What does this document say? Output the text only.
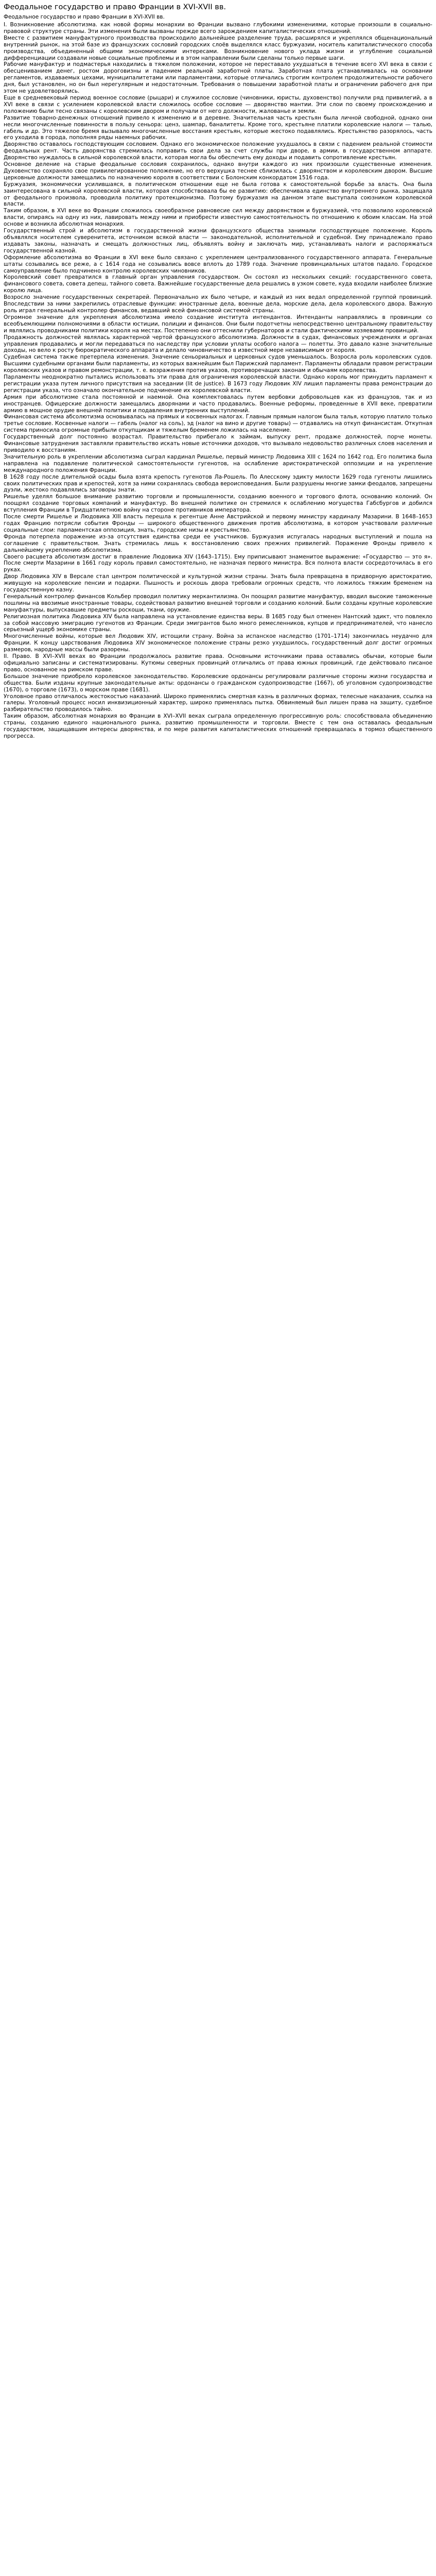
Феодальное государство и право Франции в XVI-XVII вв.
Феодальное государство и право Франции в XVI-XVII вв.

I. Возникновение абсолютизма. как новой формы монархии во Франции вызвано глубокими изменениями, которые произошли в социально-правовой структуре страны. Эти изменения были вызваны прежде всего зарождением капиталистических отношений.

Вместе с развитием мануфактурного производства происходило дальнейшее разделение труда, расширялся и укреплялся общенациональный внутренний рынок, на этой базе из французских сословий городских слоёв выделялся класс буржуазии, носитель капиталистического способа производства, объединенный общими экономическими интересами. Возникновение нового уклада жизни и углубление социальной дифференциации создавали новые социальные проблемы и в этом направлении были сделаны только первые шаги.

Рабочие мануфактур и подмастерья находились в тяжелом положении, которое не переставало ухудшаться в течение всего XVI века в связи с обесцениванием денег, ростом дороговизны и падением реальной заработной платы. Заработная плата устанавливалась на основании регламентов, издаваемых цехами, муниципалитетами или парламентами, которые отличались строгим контролем продолжительности рабочего дня, был установлен, но он был нерегулярным и недостаточным. Требования о повышении заработной платы и ограничении рабочего дня при этом не удовлетворялись.

Еще в средневековый период военное сословие (рыцари) и служилое сословие (чиновники, юристы, духовенство) получили ряд привилегий, а в XVI веке в связи с усилением королевской власти сложилось особое сословие — дворянство мантии. Эти слои по своему происхождению и положению были тесно связаны с королевским двором и получали от него должности, жалованье и земли.

Развитие товарно-денежных отношений привело к изменению и в деревне. Значительная часть крестьян была личной свободной, однако они несли многочисленные повинности в пользу сеньора: ценз, шампар, баналитеты. Кроме того, крестьяне платили королевские налоги — талью, габель и др. Это тяжелое бремя вызывало многочисленные восстания крестьян, которые жестоко подавлялись. Крестьянство разорялось, часть его уходила в города, пополняя ряды наемных рабочих.

Дворянство оставалось господствующим сословием. Однако его экономическое положение ухудшалось в связи с падением реальной стоимости феодальных рент. Часть дворянства стремилась поправить свои дела за счет службы при дворе, в армии, в государственном аппарате. Дворянство нуждалось в сильной королевской власти, которая могла бы обеспечить ему доходы и подавить сопротивление крестьян.

Основное деление на старые феодальные сословия сохранилось, однако внутри каждого из них произошли существенные изменения. Духовенство сохраняло свое привилегированное положение, но его верхушка теснее сблизилась с дворянством и королевским двором. Высшие церковные должности замещались по назначению короля в соответствии с Болонским конкордатом 1516 года.

Буржуазия, экономически усилившаяся, в политическом отношении еще не была готова к самостоятельной борьбе за власть. Она была заинтересована в сильной королевской власти, которая способствовала бы ее развитию: обеспечивала единство внутреннего рынка, защищала от феодального произвола, проводила политику протекционизма. Поэтому буржуазия на данном этапе выступала союзником королевской власти.

Таким образом, в XVI веке во Франции сложилось своеобразное равновесие сил между дворянством и буржуазией, что позволило королевской власти, опираясь на одну из них, лавировать между ними и приобрести известную самостоятельность по отношению к обоим классам. На этой основе и возникла абсолютная монархия.

Государственный строй и абсолютизм в государственной жизни французского общества занимали господствующее положение. Король объявлялся носителем суверенитета, источником всякой власти — законодательной, исполнительной и судебной. Ему принадлежало право издавать законы, назначать и смещать должностных лиц, объявлять войну и заключать мир, устанавливать налоги и распоряжаться государственной казной.

Оформление абсолютизма во Франции в XVI веке было связано с укреплением централизованного государственного аппарата. Генеральные штаты созывались все реже, а с 1614 года не созывались вовсе вплоть до 1789 года. Значение провинциальных штатов падало. Городское самоуправление было подчинено контролю королевских чиновников.

Королевский совет превратился в главный орган управления государством. Он состоял из нескольких секций: государственного совета, финансового совета, совета депеш, тайного совета. Важнейшие государственные дела решались в узком совете, куда входили наиболее близкие королю лица.

Возросло значение государственных секретарей. Первоначально их было четыре, и каждый из них ведал определенной группой провинций. Впоследствии за ними закрепились отраслевые функции: иностранные дела, военные дела, морские дела, дела королевского двора. Важную роль играл генеральный контролер финансов, ведавший всей финансовой системой страны.

Огромное значение для укрепления абсолютизма имело создание института интендантов. Интенданты направлялись в провинции со всеобъемлющими полномочиями в области юстиции, полиции и финансов. Они были подотчетны непосредственно центральному правительству и являлись проводниками политики короля на местах. Постепенно они оттеснили губернаторов и стали фактическими хозяевами провинций.

Продажность должностей являлась характерной чертой французского абсолютизма. Должности в судах, финансовых учреждениях и органах управления продавались и могли передаваться по наследству при условии уплаты особого налога — полетты. Это давало казне значительные доходы, но вело к росту бюрократического аппарата и делало чиновничество в известной мере независимым от короля.

Судебная система также претерпела изменения. Значение сеньориальных и церковных судов уменьшалось. Возросла роль королевских судов. Высшими судебными органами были парламенты, из которых важнейшим был Парижский парламент. Парламенты обладали правом регистрации королевских указов и правом ремонстрации, т. е. возражения против указов, противоречащих законам и обычаям королевства.

Парламенты неоднократно пытались использовать эти права для ограничения королевской власти. Однако король мог принудить парламент к регистрации указа путем личного присутствия на заседании (lit de justice). В 1673 году Людовик XIV лишил парламенты права ремонстрации до регистрации указа, что означало окончательное подчинение их королевской власти.

Армия при абсолютизме стала постоянной и наемной. Она комплектовалась путем вербовки добровольцев как из французов, так и из иностранцев. Офицерские должности замещались дворянами и часто продавались. Военные реформы, проведенные в XVII веке, превратили армию в мощное орудие внешней политики и подавления внутренних выступлений.

Финансовая система абсолютизма основывалась на прямых и косвенных налогах. Главным прямым налогом была талья, которую платило только третье сословие. Косвенные налоги — габель (налог на соль), эд (налог на вино и другие товары) — отдавались на откуп финансистам. Откупная система приносила огромные прибыли откупщикам и тяжелым бременем ложилась на население.

Государственный долг постоянно возрастал. Правительство прибегало к займам, выпуску рент, продаже должностей, порче монеты. Финансовые затруднения заставляли правительство искать новые источники доходов, что вызывало недовольство различных слоев населения и приводило к восстаниям.

Значительную роль в укреплении абсолютизма сыграл кардинал Ришелье, первый министр Людовика XIII с 1624 по 1642 год. Его политика была направлена на подавление политической самостоятельности гугенотов, на ослабление аристократической оппозиции и на укрепление международного положения Франции.

В 1628 году после длительной осады была взята крепость гугенотов Ла-Рошель. По Алесскому эдикту милости 1629 года гугеноты лишились своих политических прав и крепостей, хотя за ними сохранялась свобода вероисповедания. Были разрушены многие замки феодалов, запрещены дуэли, жестоко подавлялись заговоры знати.

Ришелье уделял большое внимание развитию торговли и промышленности, созданию военного и торгового флота, основанию колоний. Он поощрял создание торговых компаний и мануфактур. Во внешней политике он стремился к ослаблению могущества Габсбургов и добился вступления Франции в Тридцатилетнюю войну на стороне противников императора.

После смерти Ришелье и Людовика XIII власть перешла к регентше Анне Австрийской и первому министру кардиналу Мазарини. В 1648–1653 годах Францию потрясли события Фронды — широкого общественного движения против абсолютизма, в котором участвовали различные социальные слои: парламентская оппозиция, знать, городские низы и крестьянство.

Фронда потерпела поражение из-за отсутствия единства среди ее участников. Буржуазия испугалась народных выступлений и пошла на соглашение с правительством. Знать стремилась лишь к восстановлению своих прежних привилегий. Поражение Фронды привело к дальнейшему укреплению абсолютизма.

Своего расцвета абсолютизм достиг в правление Людовика XIV (1643–1715). Ему приписывают знаменитое выражение: «Государство — это я». После смерти Мазарини в 1661 году король правил самостоятельно, не назначая первого министра. Вся полнота власти сосредоточилась в его руках.

Двор Людовика XIV в Версале стал центром политической и культурной жизни страны. Знать была превращена в придворную аристократию, живущую на королевские пенсии и подарки. Пышность и роскошь двора требовали огромных средств, что ложилось тяжким бременем на государственную казну.

Генеральный контролер финансов Кольбер проводил политику меркантилизма. Он поощрял развитие мануфактур, вводил высокие таможенные пошлины на ввозимые иностранные товары, содействовал развитию внешней торговли и созданию колоний. Были созданы крупные королевские мануфактуры, выпускавшие предметы роскоши, ткани, оружие.

Религиозная политика Людовика XIV была направлена на установление единства веры. В 1685 году был отменен Нантский эдикт, что повлекло за собой массовую эмиграцию гугенотов из Франции. Среди эмигрантов было много ремесленников, купцов и предпринимателей, что нанесло серьезный ущерб экономике страны.

Многочисленные войны, которые вел Людовик XIV, истощили страну. Война за испанское наследство (1701–1714) закончилась неудачно для Франции. К концу царствования Людовика XIV экономическое положение страны резко ухудшилось, государственный долг достиг огромных размеров, народные массы были разорены.

II. Право. В XVI–XVII веках во Франции продолжалось развитие права. Основными источниками права оставались обычаи, которые были официально записаны и систематизированы. Кутюмы северных провинций отличались от права южных провинций, где действовало писаное право, основанное на римском праве.

Большое значение приобрело королевское законодательство. Королевские ордонансы регулировали различные стороны жизни государства и общества. Были изданы крупные законодательные акты: ордонансы о гражданском судопроизводстве (1667), об уголовном судопроизводстве (1670), о торговле (1673), о морском праве (1681).

Уголовное право отличалось жестокостью наказаний. Широко применялись смертная казнь в различных формах, телесные наказания, ссылка на галеры. Уголовный процесс носил инквизиционный характер, широко применялась пытка. Обвиняемый был лишен права на защиту, судебное разбирательство проводилось тайно.

Таким образом, абсолютная монархия во Франции в XVI–XVII веках сыграла определенную прогрессивную роль: способствовала объединению страны, созданию единого национального рынка, развитию промышленности и торговли. Вместе с тем она оставалась феодальным государством, защищавшим интересы дворянства, и по мере развития капиталистических отношений превращалась в тормоз общественного прогресса.
